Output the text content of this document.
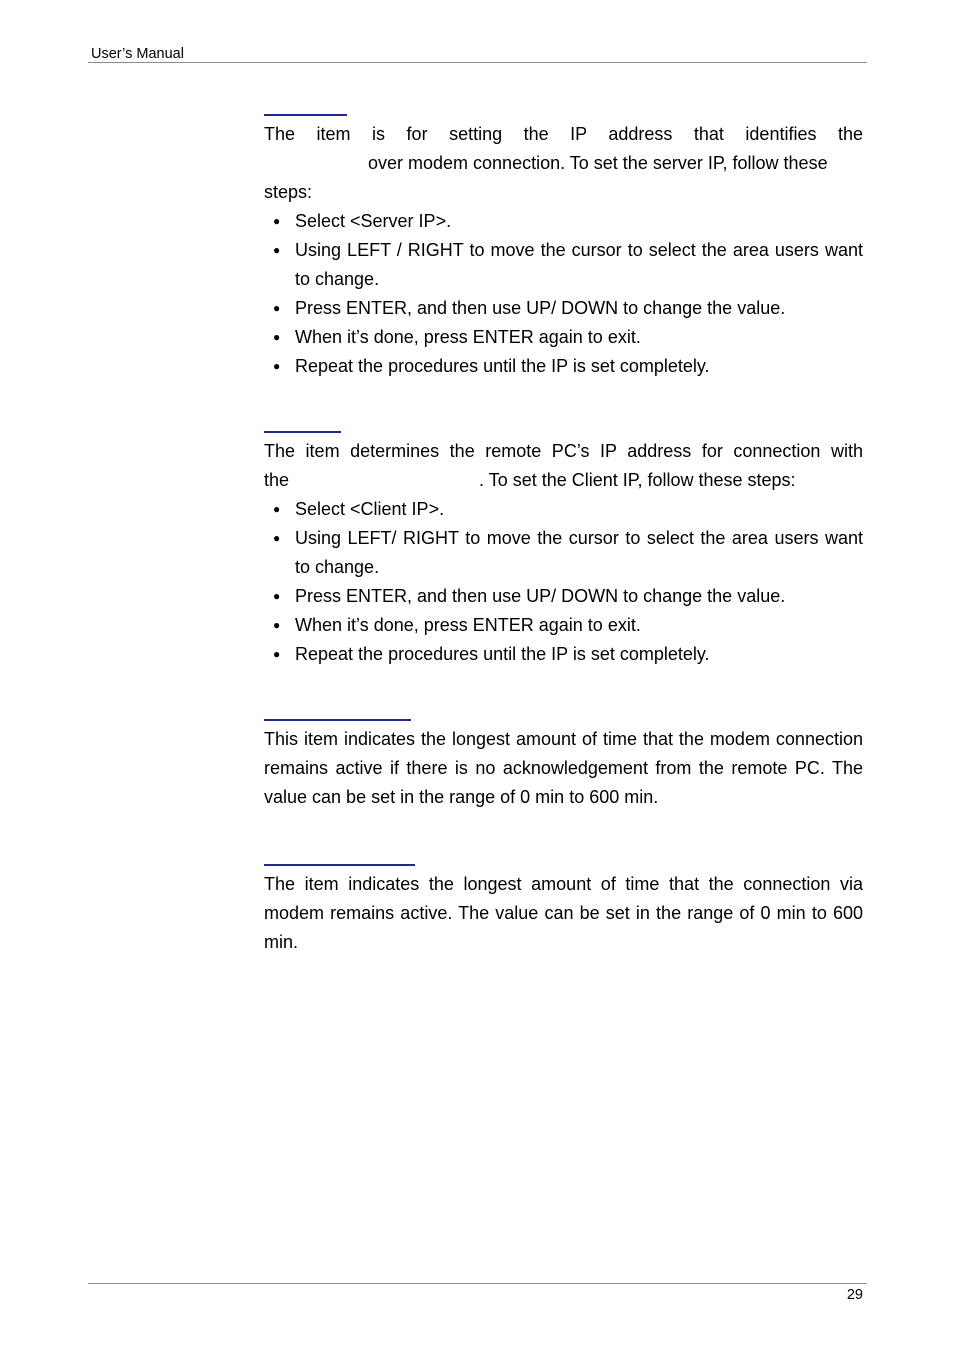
User’s Manual
The item is for setting the IP address that identifies the
over modem connection. To set the server IP, follow these
steps:
● Select <Server IP>.
● Using LEFT / RIGHT to move the cursor to select the area users want to change.
● Press ENTER, and then use UP/ DOWN to change the value.
● When it’s done, press ENTER again to exit.
● Repeat the procedures until the IP is set completely.
The item determines the remote PC’s IP address for connection with
the	. To set the Client IP, follow these steps:
● Select <Client IP>.
● Using LEFT/ RIGHT to move the cursor to select the area users want to change.
● Press ENTER, and then use UP/ DOWN to change the value.
● When it’s done, press ENTER again to exit.
● Repeat the procedures until the IP is set completely.

This item indicates the longest amount of time that the modem connection remains active if there is no acknowledgement from the remote PC. The value can be set in the range of 0 min to 600 min.

The item indicates the longest amount of time that the connection via modem remains active. The value can be set in the range of 0 min to 600 min.

29
